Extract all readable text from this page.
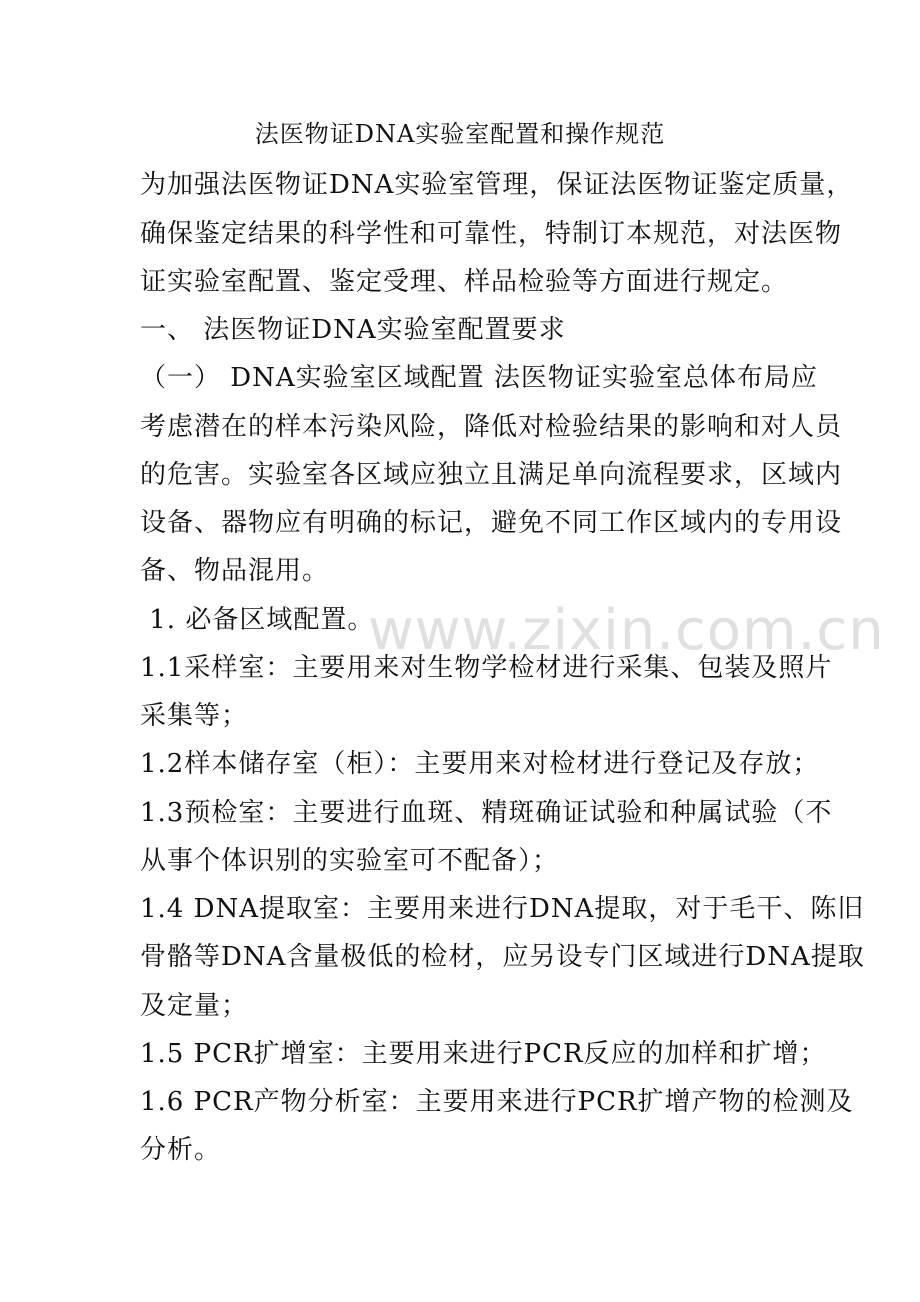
法医物证DNA实验室配置和操作规范
为加强法医物证DNA实验室管理，保证法医物证鉴定质量，
确保鉴定结果的科学性和可靠性，特制订本规范，对法医物
证实验室配置、鉴定受理、样品检验等方面进行规定。
一、 法医物证DNA实验室配置要求
（一） DNA实验室区域配置 法医物证实验室总体布局应
考虑潜在的样本污染风险，降低对检验结果的影响和对人员
的危害。实验室各区域应独立且满足单向流程要求，区域内
设备、器物应有明确的标记，避免不同工作区域内的专用设
备、物品混用。
1. 必备区域配置。
1.1采样室：主要用来对生物学检材进行采集、包装及照片
采集等；
1.2样本储存室（柜）：主要用来对检材进行登记及存放；
1.3预检室：主要进行血斑、精斑确证试验和种属试验（不
从事个体识别的实验室可不配备）；
1.4 DNA提取室：主要用来进行DNA提取，对于毛干、陈旧
骨骼等DNA含量极低的检材，应另设专门区域进行DNA提取
及定量；
1.5 PCR扩增室：主要用来进行PCR反应的加样和扩增；
1.6 PCR产物分析室：主要用来进行PCR扩增产物的检测及
分析。
www.zixin.com.cn
